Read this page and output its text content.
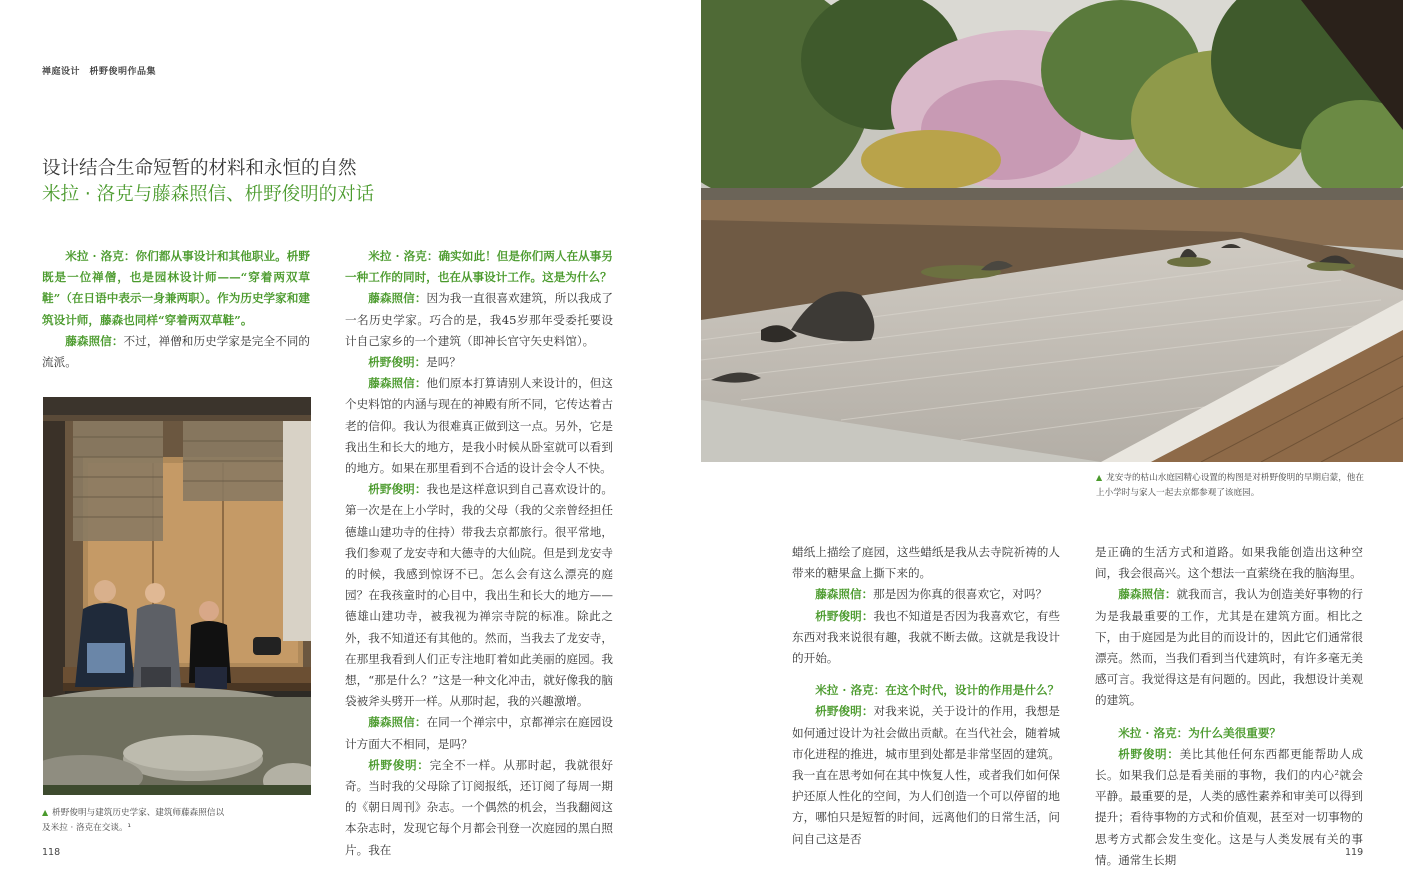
禅庭设计　枡野俊明作品集
设计结合生命短暂的材料和永恒的自然
米拉 · 洛克与藤森照信、枡野俊明的对话

米拉 · 洛克：你们都从事设计和其他职业。枡野既是一位禅僧，也是园林设计师——“穿着两双草鞋”（在日语中表示一身兼两职）。作为历史学家和建筑设计师，藤森也同样“穿着两双草鞋”。

藤森照信：不过，禅僧和历史学家是完全不同的流派。

▲ 枡野俊明与建筑历史学家、建筑师藤森照信以及米拉 · 洛克在交谈。¹

米拉 · 洛克：确实如此！但是你们两人在从事另一种工作的同时，也在从事设计工作。这是为什么？

藤森照信：因为我一直很喜欢建筑，所以我成了一名历史学家。巧合的是，我45岁那年受委托要设计自己家乡的一个建筑（即神长官守矢史料馆）。

枡野俊明：是吗？

藤森照信：他们原本打算请别人来设计的，但这个史料馆的内涵与现在的神殿有所不同，它传达着古老的信仰。我认为很难真正做到这一点。另外，它是我出生和长大的地方，是我小时候从卧室就可以看到的地方。如果在那里看到不合适的设计会令人不快。

枡野俊明：我也是这样意识到自己喜欢设计的。第一次是在上小学时，我的父母（我的父亲曾经担任德雄山建功寺的住持）带我去京都旅行。很平常地，我们参观了龙安寺和大德寺的大仙院。但是到龙安寺的时候，我感到惊讶不已。怎么会有这么漂亮的庭园？在我孩童时的心目中，我出生和长大的地方——德雄山建功寺，被我视为禅宗寺院的标准。除此之外，我不知道还有其他的。然而，当我去了龙安寺，在那里我看到人们正专注地盯着如此美丽的庭园。我想，“那是什么？”这是一种文化冲击，就好像我的脑袋被斧头劈开一样。从那时起，我的兴趣激增。

藤森照信：在同一个禅宗中，京都禅宗在庭园设计方面大不相同，是吗？

枡野俊明：完全不一样。从那时起，我就很好奇。当时我的父母除了订阅报纸，还订阅了每周一期的《朝日周刊》杂志。一个偶然的机会，当我翻阅这本杂志时，发现它每个月都会刊登一次庭园的黑白照片。我在

118
▲ 龙安寺的枯山水庭园精心设置的构图是对枡野俊明的早期启蒙，他在上小学时与家人一起去京都参观了该庭园。

蜡纸上描绘了庭园，这些蜡纸是我从去寺院祈祷的人带来的糖果盒上撕下来的。

藤森照信：那是因为你真的很喜欢它，对吗？

枡野俊明：我也不知道是否因为我喜欢它，有些东西对我来说很有趣，我就不断去做。这就是我设计的开始。

米拉 · 洛克：在这个时代，设计的作用是什么？

枡野俊明：对我来说，关于设计的作用，我想是如何通过设计为社会做出贡献。在当代社会，随着城市化进程的推进，城市里到处都是非常坚固的建筑。我一直在思考如何在其中恢复人性，或者我们如何保护还原人性化的空间，为人们创造一个可以停留的地方，哪怕只是短暂的时间，远离他们的日常生活，问问自己这是否

是正确的生活方式和道路。如果我能创造出这种空间，我会很高兴。这个想法一直萦绕在我的脑海里。

藤森照信：就我而言，我认为创造美好事物的行为是我最重要的工作，尤其是在建筑方面。相比之下，由于庭园是为此目的而设计的，因此它们通常很漂亮。然而，当我们看到当代建筑时，有许多毫无美感可言。我觉得这是有问题的。因此，我想设计美观的建筑。

米拉 · 洛克：为什么美很重要？

枡野俊明：美比其他任何东西都更能帮助人成长。如果我们总是看美丽的事物，我们的内心²就会平静。最重要的是，人类的感性素养和审美可以得到提升；看待事物的方式和价值观，甚至对一切事物的思考方式都会发生变化。这是与人类发展有关的事情。通常生长期

119
